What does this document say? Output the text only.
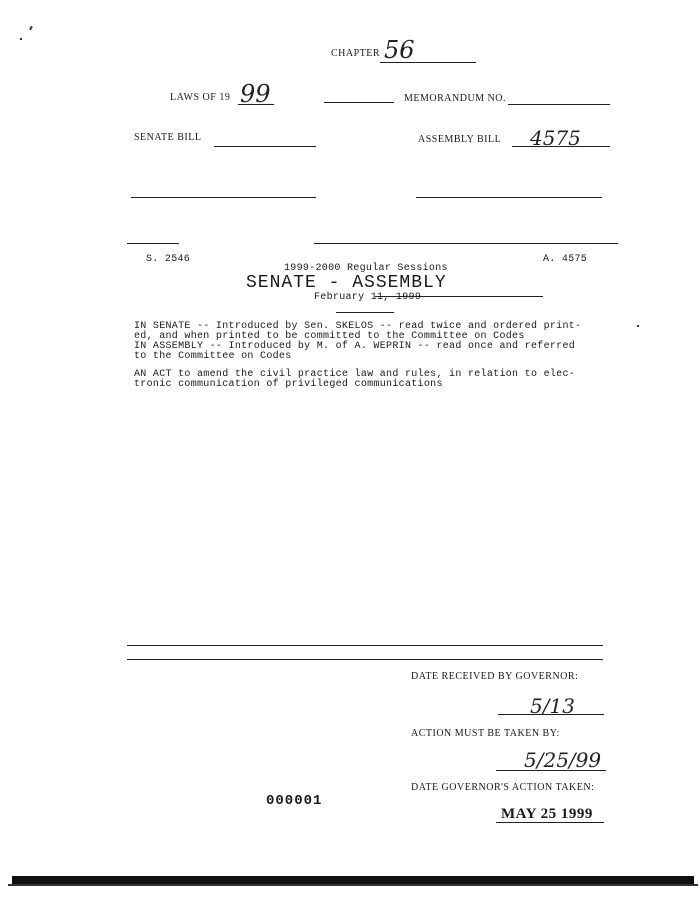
CHAPTER 56
LAWS OF 19 99	MEMORANDUM NO.
SENATE BILL	ASSEMBLY BILL 4575
S. 2546	A. 4575
1999-2000 Regular Sessions
SENATE - ASSEMBLY
February 11, 1999
IN SENATE -- Introduced by Sen. SKELOS -- read twice and ordered print-
ed, and when printed to be committed to the Committee on Codes
IN ASSEMBLY -- Introduced by M. of A. WEPRIN -- read once and referred
to the Committee on Codes
AN ACT to amend the civil practice law and rules, in relation to elec-
tronic communication of privileged communications
DATE RECEIVED BY GOVERNOR:
5/13
ACTION MUST BE TAKEN BY:
5/25/99
DATE GOVERNOR'S ACTION TAKEN:
MAY 25 1999
000001
